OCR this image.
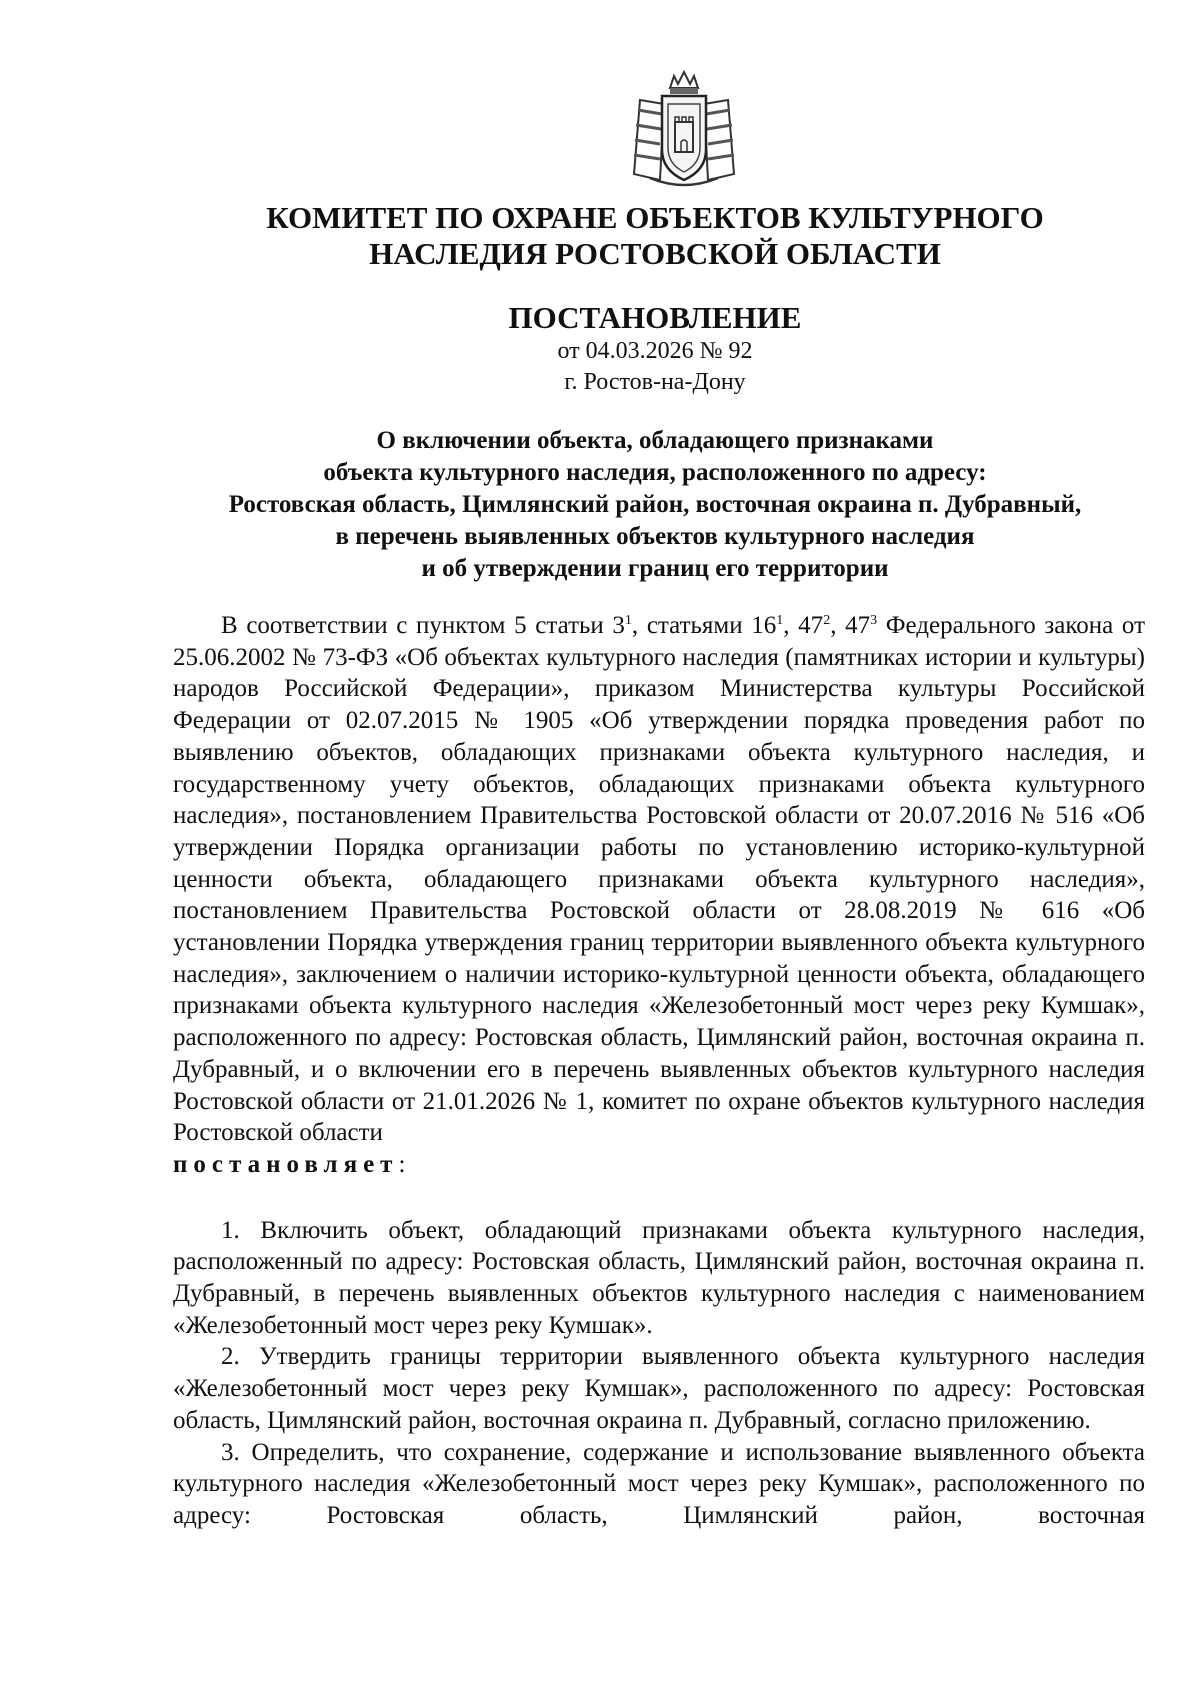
КОМИТЕТ ПО ОХРАНЕ ОБЪЕКТОВ КУЛЬТУРНОГО
НАСЛЕДИЯ РОСТОВСКОЙ ОБЛАСТИ
ПОСТАНОВЛЕНИЕ
от 04.03.2026 № 92
г. Ростов-на-Дону
О включении объекта, обладающего признаками
объекта культурного наследия, расположенного по адресу:
Ростовская область, Цимлянский район, восточная окраина п. Дубравный,
в перечень выявленных объектов культурного наследия
и об утверждении границ его территории

В соответствии с пунктом 5 статьи $3^1$, статьями $16^1$, $47^2$, $47^3$ Федерального закона от 25.06.2002 № 73-ФЗ «Об объектах культурного наследия (памятниках истории и культуры) народов Российской Федерации», приказом Министерства культуры Российской Федерации от 02.07.2015 № 1905 «Об утверждении порядка проведения работ по выявлению объектов, обладающих признаками объекта культурного наследия, и государственному учету объектов, обладающих признаками объекта культурного наследия», постановлением Правительства Ростовской области от 20.07.2016 № 516 «Об утверждении Порядка организации работы по установлению историко-культурной ценности объекта, обладающего признаками объекта культурного наследия», постановлением Правительства Ростовской области от 28.08.2019 № 616 «Об установлении Порядка утверждения границ территории выявленного объекта культурного наследия», заключением о наличии историко-культурной ценности объекта, обладающего признаками объекта культурного наследия «Железобетонный мост через реку Кумшак», расположенного по адресу: Ростовская область, Цимлянский район, восточная окраина п. Дубравный, и о включении его в перечень выявленных объектов культурного наследия Ростовской области от 21.01.2026 № 1, комитет по охране объектов культурного наследия Ростовской области

постановляет:

1. Включить объект, обладающий признаками объекта культурного наследия, расположенный по адресу: Ростовская область, Цимлянский район, восточная окраина п. Дубравный, в перечень выявленных объектов культурного наследия с наименованием «Железобетонный мост через реку Кумшак».

2. Утвердить границы территории выявленного объекта культурного наследия «Железобетонный мост через реку Кумшак», расположенного по адресу: Ростовская область, Цимлянский район, восточная окраина п. Дубравный, согласно приложению.

3. Определить, что сохранение, содержание и использование выявленного объекта культурного наследия «Железобетонный мост через реку Кумшак», расположенного по адресу: Ростовская область, Цимлянский район, восточная
